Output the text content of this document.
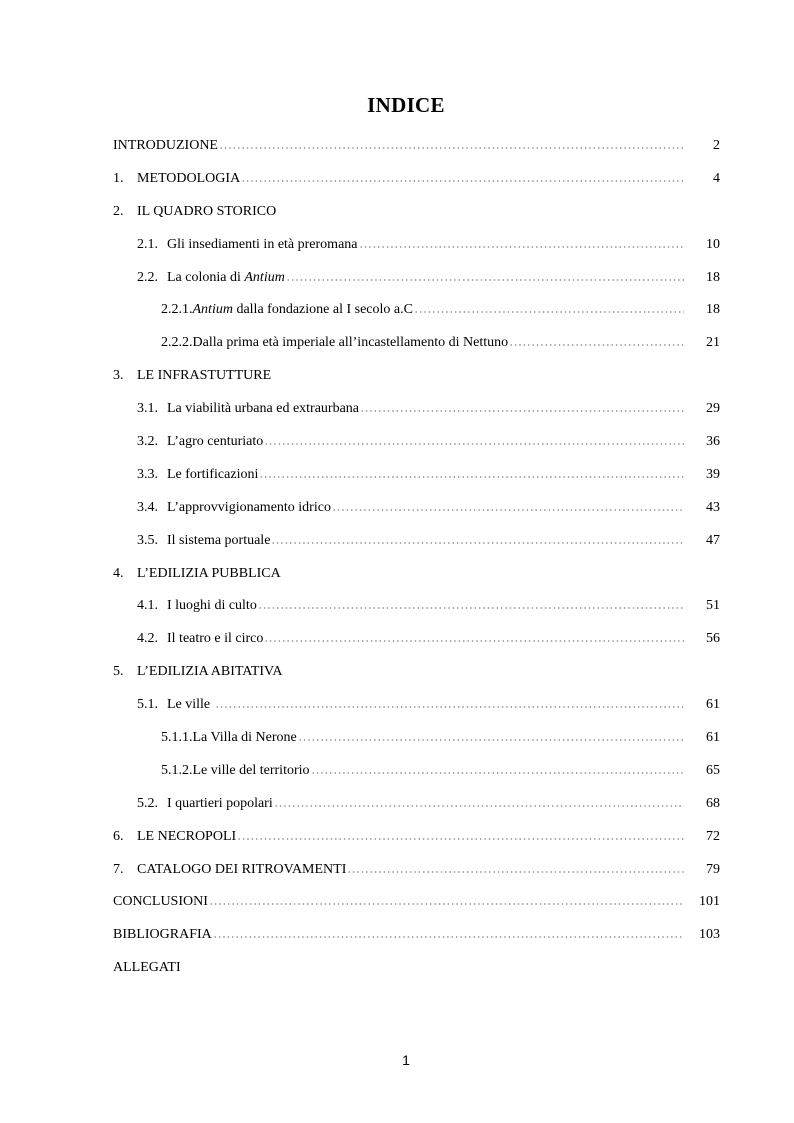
INDICE
INTRODUZIONE	2
1. METODOLOGIA	4
2. IL QUADRO STORICO
2.1. Gli insediamenti in età preromana	10
2.2. La colonia di Antium	18
2.2.1. Antium dalla fondazione al I secolo a.C	18
2.2.2. Dalla prima età imperiale all’incastellamento di Nettuno	21
3. LE INFRASTUTTURE
3.1. La viabilità urbana ed extraurbana	29
3.2. L’agro centuriato	36
3.3. Le fortificazioni	39
3.4. L’approvvigionamento idrico	43
3.5. Il sistema portuale	47
4. L’EDILIZIA PUBBLICA
4.1. I luoghi di culto	51
4.2. Il teatro e il circo	56
5. L’EDILIZIA ABITATIVA
5.1. Le ville	61
5.1.1. La Villa di Nerone	61
5.1.2. Le ville del territorio	65
5.2. I quartieri popolari	68
6. LE NECROPOLI	72
7. CATALOGO DEI RITROVAMENTI	79
CONCLUSIONI	101
BIBLIOGRAFIA	103
ALLEGATI
1
